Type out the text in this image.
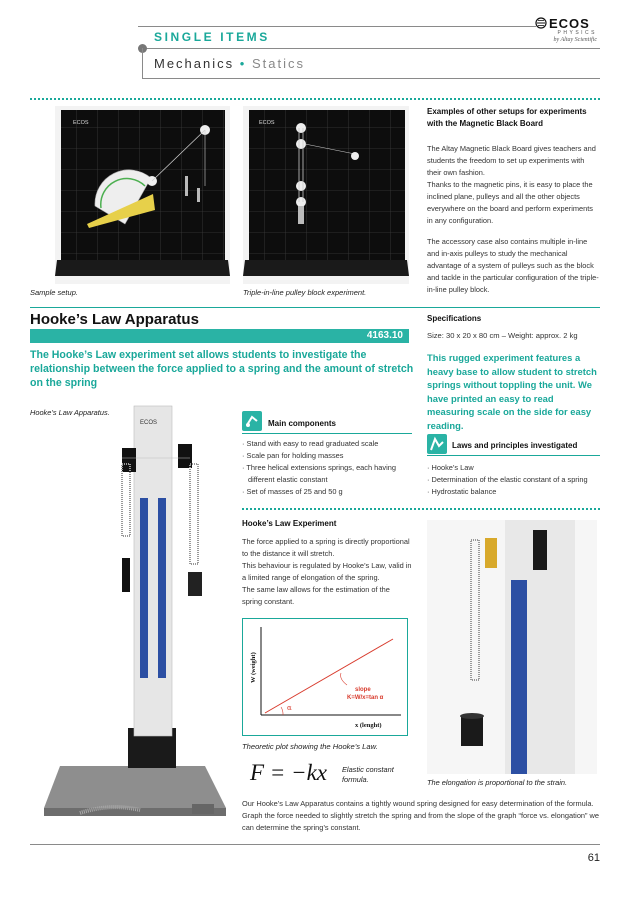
SINGLE ITEMS
Mechanics • Statics
ECOS
PHYSICS
by Altay Scientific
ECOS
Sample setup.
ECOS
Triple-in-line pulley block experiment.
Examples of other setups for experiments with the Magnetic Black Board
The Altay Magnetic Black Board gives teachers and students the freedom to set up experiments with their own fashion.
Thanks to the magnetic pins, it is easy to place the inclined plane, pulleys and all the other objects everywhere on the board and perform experiments in any configuration.
The accessory case also contains multiple in-line and in-axis pulleys to study the mechanical advantage of a system of pulleys such as the block and tackle in the particular configuration of the triple-in-line pulley block.
Hooke’s Law Apparatus
4163.10
The Hooke’s Law experiment set allows students to investigate the relationship between the force applied to a spring and the amount of stretch on the spring
Specifications
Size: 30 x 20 x 80 cm – Weight: approx. 2 kg
This rugged experiment features a heavy base to allow student to stretch springs without toppling the unit. We have printed an easy to read measuring scale on the side for easy reading.
Hooke’s Law Apparatus.
ECOS	Main components
· Stand with easy to read graduated scale
· Scale pan for holding masses
· Three helical extensions springs, each having different elastic constant
· Set of masses of 25 and 50 g
Laws and principles investigated
· Hooke’s Law
· Determination of the elastic constant of a spring
· Hydrostatic balance
Hooke’s Law Experiment

The force applied to a spring is directly proportional to the distance it will stretch.

This behaviour is regulated by Hooke’s Law, valid in a limited range of elongation of the spring.

The same law allows for the estimation of the spring constant.

α
slope
K=W/x=tan α
x (lenght)
W (weight)
Theoretic plot showing the Hooke’s Law.
F = −kx Elastic constant formula.	The elongation is proportional to the strain.
Our Hooke’s Law Apparatus contains a tightly wound spring designed for easy determination of the formula. Graph the force needed to slightly stretch the spring and from the slope of the graph “force vs. elongation” we can determine the spring’s constant.
61
